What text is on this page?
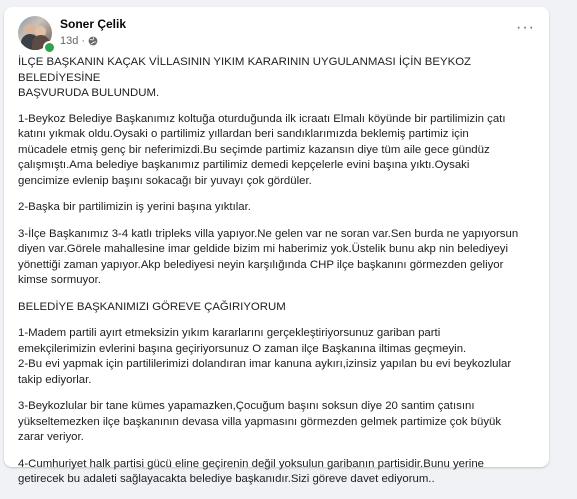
Soner Çelik
13d ·
···

İLÇE BAŞKANIN KAÇAK VİLLASININ YIKIM KARARININ UYGULANMASI İÇİN BEYKOZ BELEDİYESİNE
BAŞVURUDA BULUNDUM.

1-Beykoz Belediye Başkanımız koltuğa oturduğunda ilk icraatı Elmalı köyünde bir partilimizin çatı
katını yıkmak oldu.Oysaki o partilimiz yıllardan beri sandıklarımızda beklemiş partimiz için
mücadele etmiş genç bir neferimizdi.Bu seçimde partimiz kazansın diye tüm aile gece gündüz
çalışmıştı.Ama belediye başkanımız partilimiz demedi kepçelerle evini başına yıktı.Oysaki
gencimize evlenip başını sokacağı bir yuvayı çok gördüler.

2-Başka bir partilimizin iş yerini başına yıktılar.

3-İlçe Başkanımız 3-4 katlı tripleks villa yapıyor.Ne gelen var ne soran var.Sen burda ne yapıyorsun
diyen var.Görele mahallesine imar geldide bizim mi haberimiz yok.Üstelik bunu akp nin belediyeyi
yönettiği zaman yapıyor.Akp belediyesi neyin karşılığında CHP ilçe başkanını görmezden geliyor
kimse sormuyor.

BELEDİYE BAŞKANIMIZI GÖREVE ÇAĞIRIYORUM

1-Madem partili ayırt etmeksizin yıkım kararlarını gerçekleştiriyorsunuz gariban parti
emekçilerimizin evlerini başına geçiriyorsunuz O zaman ilçe Başkanına iltimas geçmeyin.
2-Bu evi yapmak için partililerimizi dolandıran imar kanuna aykırı,izinsiz yapılan bu evi beykozlular
takip ediyorlar.

3-Beykozlular bir tane kümes yapamazken,Çocuğum başını soksun diye 20 santim çatısını
yükseltemezken ilçe başkanının devasa villa yapmasını görmezden gelmek partimize çok büyük
zarar veriyor.

4-Cumhuriyet halk partisi gücü eline geçirenin değil yoksulun garibanın partisidir.Bunu yerine
getirecek bu adaleti sağlayacakta belediye başkanıdır.Sizi göreve davet ediyorum..
